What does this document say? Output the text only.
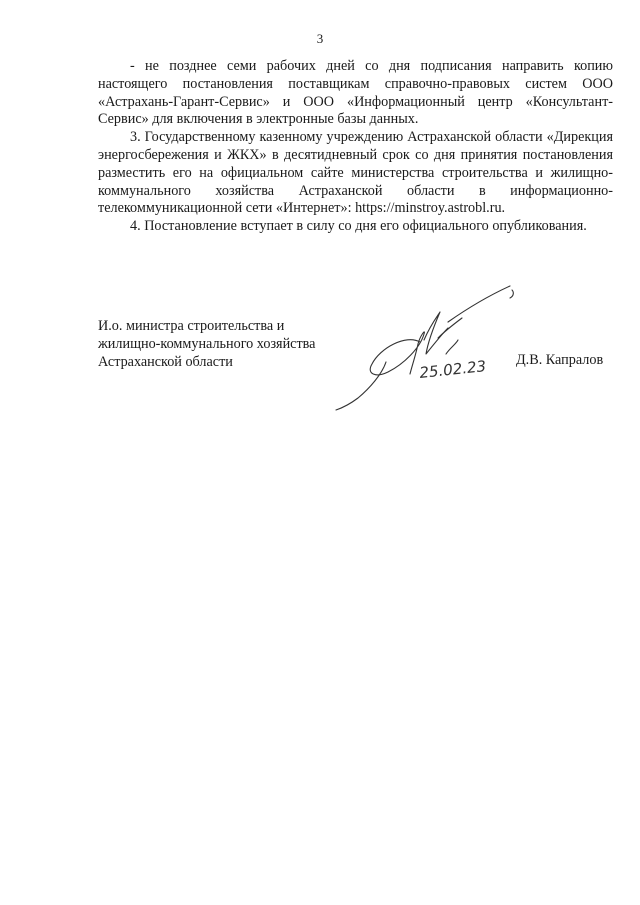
3

- не позднее семи рабочих дней со дня подписания направить копию настоящего постановления поставщикам справочно-правовых систем ООО «Астрахань-Гарант-Сервис» и ООО «Информационный центр «Консультант-Сервис» для включения в электронные базы данных.

3. Государственному казенному учреждению Астраханской области «Дирекция энергосбережения и ЖКХ» в десятидневный срок со дня принятия постановления разместить его на официальном сайте министерства строительства и жилищно-коммунального хозяйства Астраханской области в информационно-телекоммуникационной сети «Интернет»: https://minstroy.astrobl.ru.

4. Постановление вступает в силу со дня его официального опубликования.

И.о. министра строительства и
жилищно-коммунального хозяйства
Астраханской области	25.02.23 Д.В. Капралов
